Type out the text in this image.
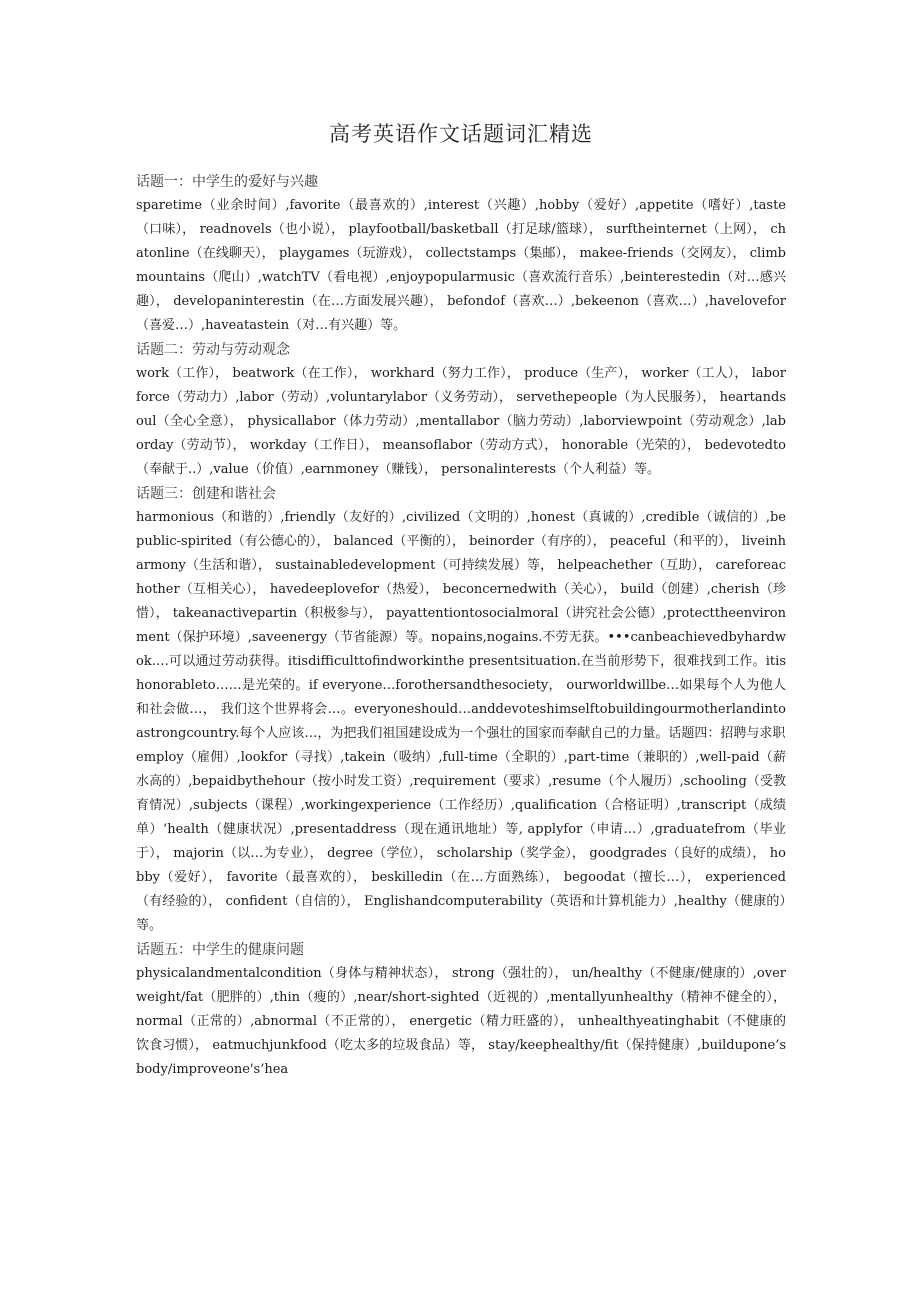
高考英语作文话题词汇精选

话题一：中学生的爱好与兴趣

sparetime（业余时间）,favorite（最喜欢的）,interest（兴趣）,hobby（爱好）,appetite（嗜好）,taste（口味）， readnovels（也小说）， playfootball/basketball（打足球/篮球）， surftheinternet（上网）， chatonline（在线聊天）， playgames（玩游戏）， collectstamps（集邮）， makee-friends（交网友）， climbmountains（爬山）,watchTV（看电视）,enjoypopularmusic（喜欢流行音乐）,beinterestedin（对…感兴趣）， developaninterestin（在…方面发展兴趣）， befondof（喜欢…）,bekeenon（喜欢…）,havelovefor（喜爱…）,haveatastein（对…有兴趣）等。

话题二：劳动与劳动观念

work（工作）， beatwork（在工作）， workhard（努力工作）， produce（生产）， worker（工人）， laborforce（劳动力）,labor（劳动）,voluntarylabor（义务劳动）， servethepeople（为人民服务）， heartandsoul（全心全意）， physicallabor（体力劳动）,mentallabor（脑力劳动）,laborviewpoint（劳动观念）,laborday（劳动节）， workday（工作日）， meansoflabor（劳动方式）， honorable（光荣的）， bedevotedto（奉献于..）,value（价值）,earnmoney（赚钱）， personalinterests（个人利益）等。

话题三：创建和谐社会

harmonious（和谐的）,friendly（友好的）,civilized（文明的）,honest（真诚的）,credible（诚信的）,bepublic-spirited（有公德心的）， balanced（平衡的）， beinorder（有序的）， peaceful（和平的）， liveinharmony（生活和谐）， sustainabledevelopment（可持续发展）等， helpeachether（互助）， careforeachother（互相关心）， havedeeplovefor（热爱）， beconcernedwith（关心）， build（创建）,cherish（珍惜）， takeanactivepartin（积极参与）， payattentiontosocialmoral（讲究社会公德）,protecttheenvironment（保护环境）,saveenergy（节省能源）等。nopains,nogains.不劳无获。•••canbeachievedbyhardwok.…可以通过劳动获得。itisdifficulttofindworkinthe presentsituation.在当前形势下，很难找到工作。itishonorableto……是光荣的。if everyone…forothersandthesociety， ourworldwillbe…如果每个人为他人和社会做…， 我们这个世界将会…。everyoneshould…anddevoteshimselftobuildingourmotherlandintoastrongcountry.每个人应该…，为把我们祖国建设成为一个强壮的国家而奉献自己的力量。话题四：招聘与求职

employ（雇佣）,lookfor（寻找）,takein（吸纳）,full-time（全职的）,part-time（兼职的）,well-paid（薪水高的）,bepaidbythehour（按小时发工资）,requirement（要求）,resume（个人履历）,schooling（受教育情况）,subjects（课程）,workingexperience（工作经历）,qualification（合格证明）,transcript（成绩单）‘health（健康状况）,presentaddress（现在通讯地址）等, applyfor（申请…）,graduatefrom（毕业于）， majorin（以…为专业）， degree（学位）， scholarship（奖学金）， goodgrades（良好的成绩）， hobby（爱好）， favorite（最喜欢的）， beskilledin（在…方面熟练）， begoodat（擅长…）， experienced（有经验的）， confident（自信的）， Englishandcomputerability（英语和计算机能力）,healthy（健康的）等。

话题五：中学生的健康问题

physicalandmentalcondition（身体与精神状态）， strong（强壮的）， un/healthy（不健康/健康的）,overweight/fat（肥胖的）,thin（瘦的）,near/short-sighted（近视的）,mentallyunhealthy（精神不健全的）， normal（正常的）,abnormal（不正常的）， energetic（精力旺盛的）， unhealthyeatinghabit（不健康的饮食习惯）， eatmuchjunkfood（吃太多的垃圾食品）等， stay/keephealthy/fit（保持健康）,buildupone’sbody/improveone's’hea
